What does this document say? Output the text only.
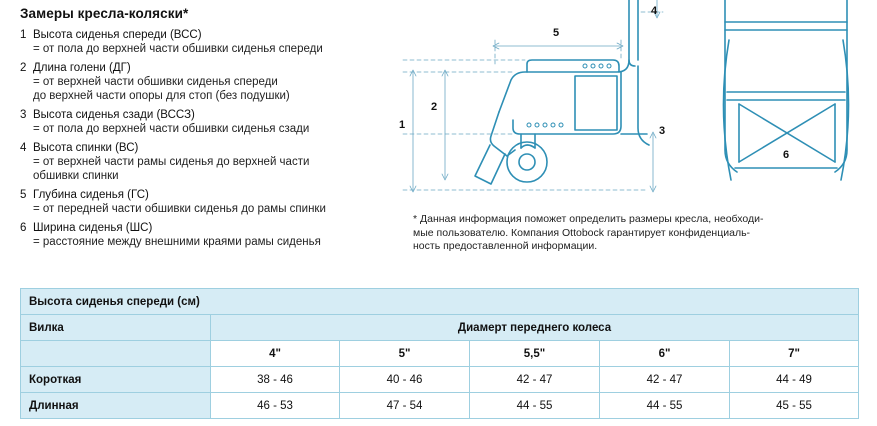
Замеры кресла-коляски*
1 Высота сиденья спереди (ВСС)
= от пола до верхней части обшивки сиденья спереди
2 Длина голени (ДГ)
= от верхней части обшивки сиденья спереди
до верхней части опоры для стоп (без подушки)
3 Высота сиденья сзади (ВССЗ)
= от пола до верхней части обшивки сиденья сзади
4 Высота спинки (ВС)
= от верхней части рамы сиденья до верхней части
обшивки спинки
5 Глубина сиденья (ГС)
= от передней части обшивки сиденья до рамы спинки
6 Ширина сиденья (ШС)
= расстояние между внешними краями рамы сиденья
1
2
3
4
5
6
* Данная информация поможет определить размеры кресла, необходи-
мые пользователю. Компания Ottobock гарантирует конфиденциаль-
ность предоставленной информации.
Высота сиденья спереди (см)					
Вилка	Диамерт переднего колеса				
	4"	5"	5,5"	6"	7"
Короткая	38 - 46	40 - 46	42 - 47	42 - 47	44 - 49
Длинная	46 - 53	47 - 54	44 - 55	44 - 55	45 - 55
